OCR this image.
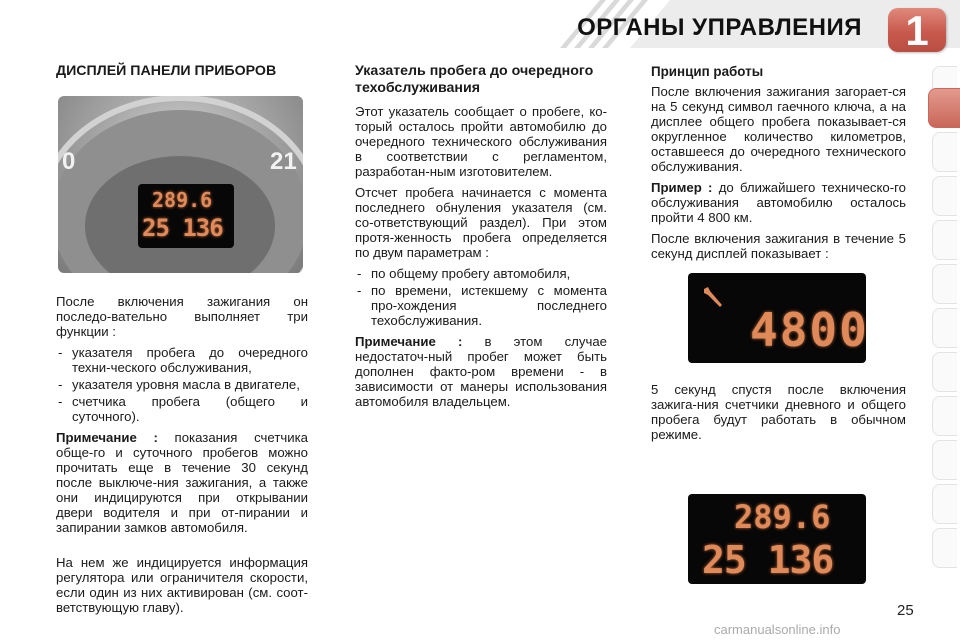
ОРГАНЫ УПРАВЛЕНИЯ	1
ДИСПЛЕЙ ПАНЕЛИ ПРИБОРОВ
0	21
289.6
25 136

После включения зажигания он последо-вательно выполняет три функции :

- указателя пробега до очередного техни-ческого обслуживания,
- указателя уровня масла в двигателе,
- счетчика пробега (общего и суточного).

Примечание : показания счетчика обще-го и суточного пробегов можно прочитать еще в течение 30 секунд после выключе-ния зажигания, а также они индицируются при открывании двери водителя и при от-пирании и запирании замков автомобиля.

На нем же индицируется информация регулятора или ограничителя скорости, если один из них активирован (см. соот-ветствующую главу).

Указатель пробега до очередного техобслуживания

Этот указатель сообщает о пробеге, ко-торый осталось пройти автомобилю до очередного технического обслуживания в соответствии с регламентом, разработан-ным изготовителем.

Отсчет пробега начинается с момента последнего обнуления указателя (см. со-ответствующий раздел). При этом протя-женность пробега определяется по двум параметрам :

- по общему пробегу автомобиля,
- по времени, истекшему с момента про-хождения последнего техобслуживания.

Примечание : в этом случае недостаточ-ный пробег может быть дополнен факто-ром времени - в зависимости от манеры использования автомобиля владельцем.

Принцип работы

После включения зажигания загорает-ся на 5 секунд символ гаечного ключа, а на дисплее общего пробега показывает-ся округленное количество километров, оставшееся до очередного технического обслуживания.

Пример : до ближайшего техническо-го обслуживания автомобилю осталось пройти 4 800 км.

После включения зажигания в течение 5 секунд дисплей показывает :

4800

5 секунд спустя после включения зажига-ния счетчики дневного и общего пробега будут работать в обычном режиме.

289.6
25 136
25
carmanualsonline.info
